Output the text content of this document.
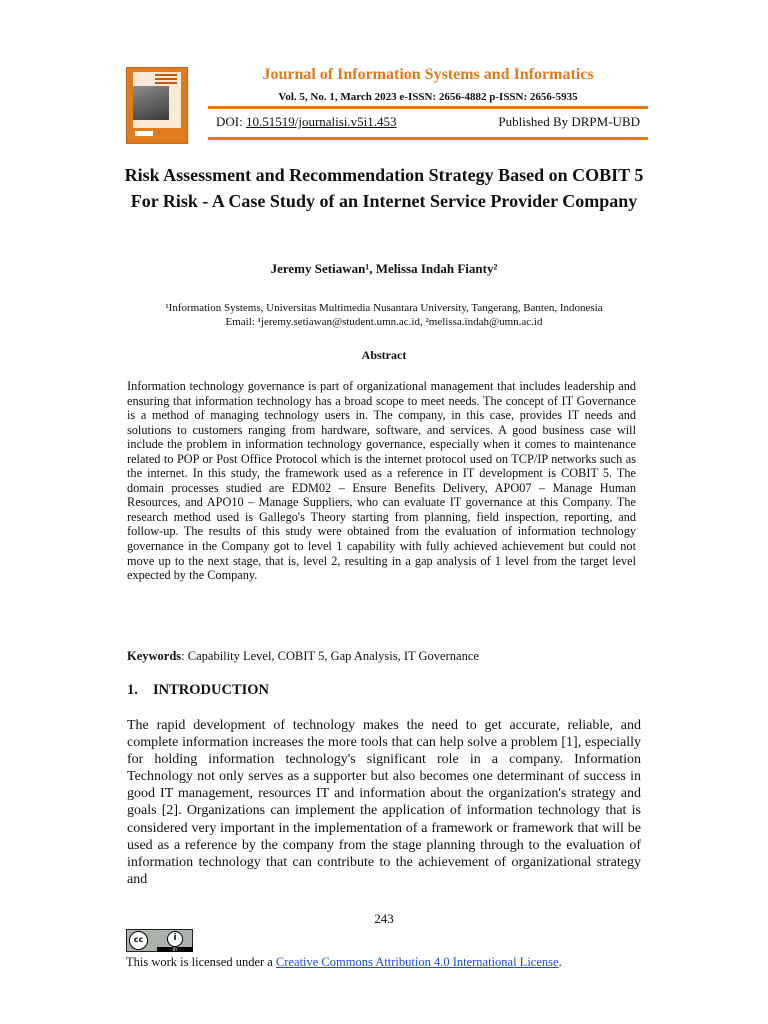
Journal of Information Systems and Informatics
Vol. 5, No. 1, March 2023 e-ISSN: 2656-4882 p-ISSN: 2656-5935
DOI: 10.51519/journalisi.v5i1.453	Published By DRPM-UBD
Risk Assessment and Recommendation Strategy Based on COBIT 5 For Risk - A Case Study of an Internet Service Provider Company
Jeremy Setiawan¹, Melissa Indah Fianty²
¹Information Systems, Universitas Multimedia Nusantara University, Tangerang, Banten, Indonesia
Email: ¹jeremy.setiawan@student.umn.ac.id, ²melissa.indah@umn.ac.id
Abstract

Information technology governance is part of organizational management that includes leadership and ensuring that information technology has a broad scope to meet needs. The concept of IT Governance is a method of managing technology users in. The company, in this case, provides IT needs and solutions to customers ranging from hardware, software, and services. A good business case will include the problem in information technology governance, especially when it comes to maintenance related to POP or Post Office Protocol which is the internet protocol used on TCP/IP networks such as the internet. In this study, the framework used as a reference in IT development is COBIT 5. The domain processes studied are EDM02 – Ensure Benefits Delivery, APO07 – Manage Human Resources, and APO10 – Manage Suppliers, who can evaluate IT governance at this Company. The research method used is Gallego's Theory starting from planning, field inspection, reporting, and follow-up. The results of this study were obtained from the evaluation of information technology governance in the Company got to level 1 capability with fully achieved achievement but could not move up to the next stage, that is, level 2, resulting in a gap analysis of 1 level from the target level expected by the Company.

Keywords: Capability Level, COBIT 5, Gap Analysis, IT Governance
1. INTRODUCTION

The rapid development of technology makes the need to get accurate, reliable, and complete information increases the more tools that can help solve a problem [1], especially for holding information technology's significant role in a company. Information Technology not only serves as a supporter but also becomes one determinant of success in good IT management, resources IT and information about the organization's strategy and goals [2]. Organizations can implement the application of information technology that is considered very important in the implementation of a framework or framework that will be used as a reference by the company from the stage planning through to the evaluation of information technology that can contribute to the achievement of organizational strategy and

243
cc	i
BY
This work is licensed under a Creative Commons Attribution 4.0 International License.
